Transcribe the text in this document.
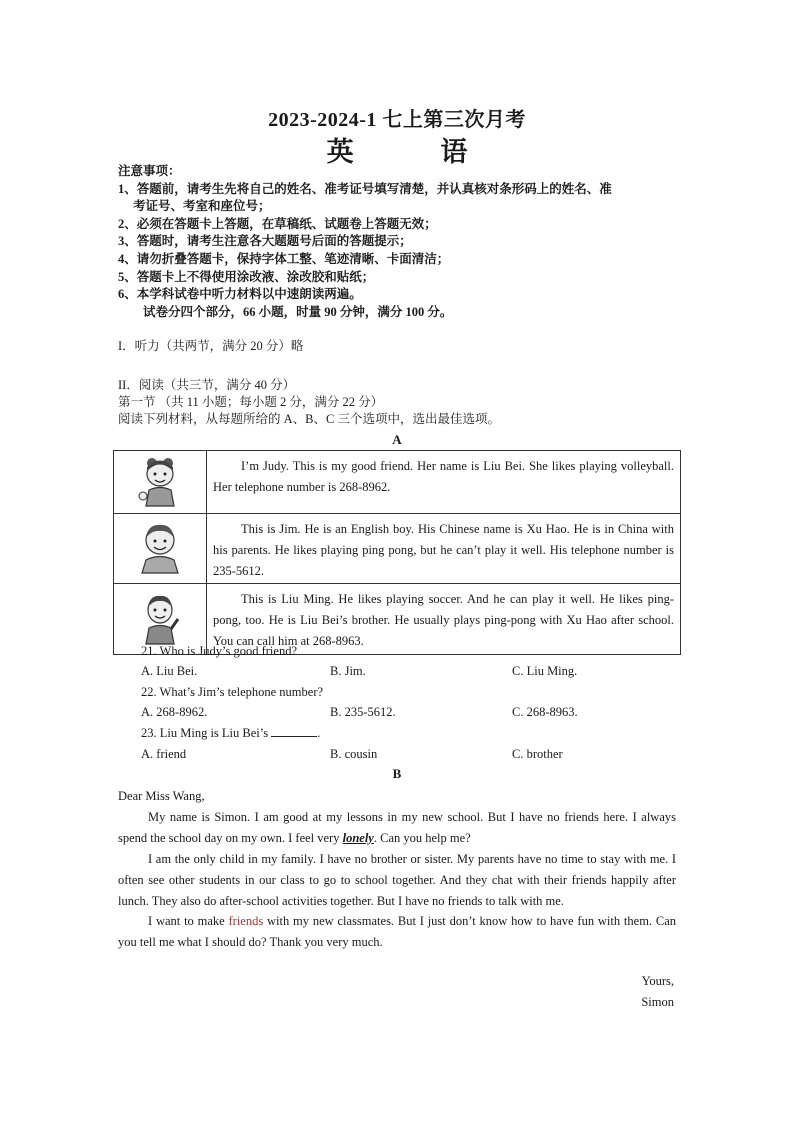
2023-2024-1 七上第三次月考
英 语
注意事项：
1、答题前，请考生先将自己的姓名、准考证号填写清楚，并认真核对条形码上的姓名、准
考证号、考室和座位号；
2、必须在答题卡上答题，在草稿纸、试题卷上答题无效；
3、答题时，请考生注意各大题题号后面的答题提示；
4、请勿折叠答题卡，保持字体工整、笔迹清晰、卡面清洁；
5、答题卡上不得使用涂改液、涂改胶和贴纸；
6、本学科试卷中听力材料以中速朗读两遍。
试卷分四个部分，66 小题，时量 90 分钟，满分 100 分。
I．听力（共两节，满分 20 分）略
II．阅读（共三节，满分 40 分）
第一节 （共 11 小题；每小题 2 分，满分 22 分）
阅读下列材料，从每题所给的 A、B、C 三个选项中，选出最佳选项。
A

I’m Judy. This is my good friend. Her name is Liu Bei. She likes playing volleyball. Her telephone number is 268-8962.

This is Jim. He is an English boy. His Chinese name is Xu Hao. He is in China with his parents. He likes playing ping pong, but he can’t play it well. His telephone number is 235-5612.

This is Liu Ming. He likes playing soccer. And he can play it well. He likes ping-pong, too. He is Liu Bei’s brother. He usually plays ping-pong with Xu Hao after school. You can call him at 268-8963.
21. Who is Judy’s good friend?
A. Liu Bei.	B. Jim.	C. Liu Ming.
22. What’s Jim’s telephone number?
A. 268-8962.	B. 235-5612.	C. 268-8963.
23. Liu Ming is Liu Bei’s	.
A. friend	B. cousin	C. brother
B
Dear Miss Wang,

My name is Simon. I am good at my lessons in my new school. But I have no friends here. I always spend the school day on my own. I feel very lonely. Can you help me?

I am the only child in my family. I have no brother or sister. My parents have no time to stay with me. I often see other students in our class to go to school together. And they chat with their friends happily after lunch. They also do after-school activities together. But I have no friends to talk with me.

I want to make friends with my new classmates. But I just don’t know how to have fun with them. Can you tell me what I should do? Thank you very much.

Yours,
Simon
